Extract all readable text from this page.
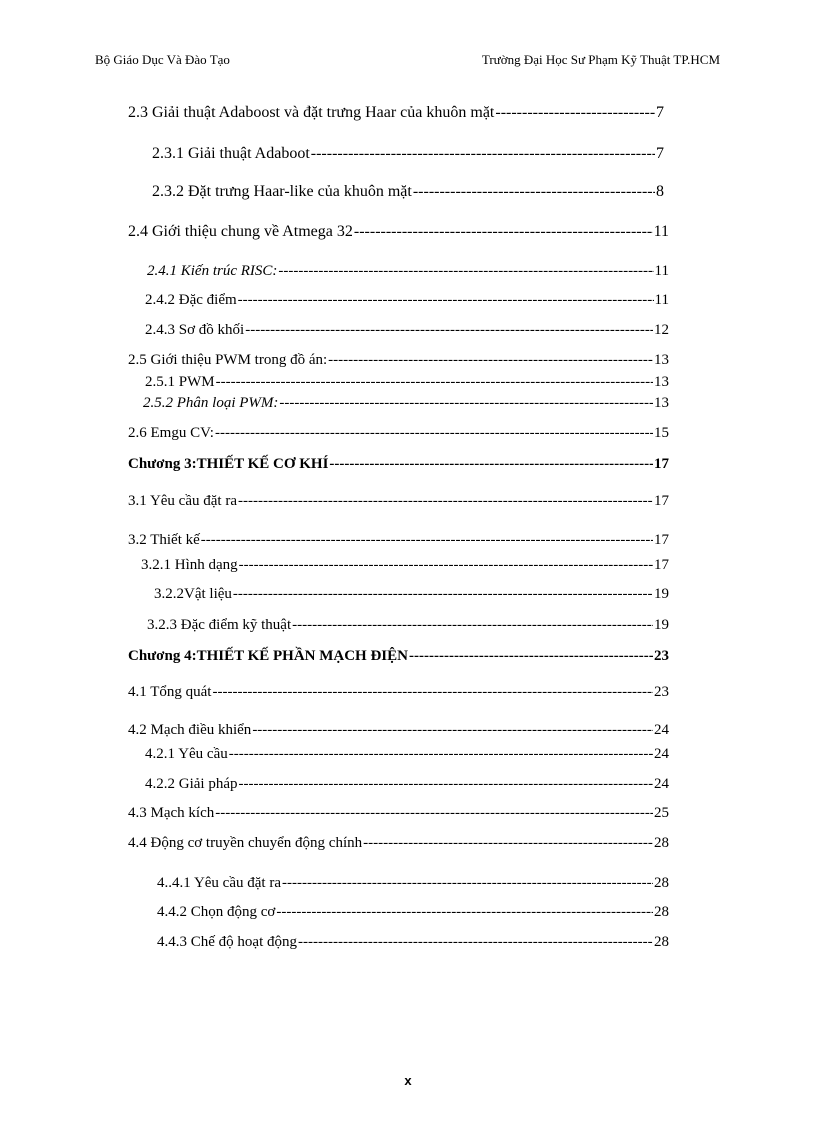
Bộ Giáo Dục Và Đào Tạo	Trường Đại Học Sư Phạm Kỹ Thuật TP.HCM
2.3 Giải thuật Adaboost và đặt trưng Haar của khuôn mặt -----	7
2.3.1 Giải thuật Adaboot -----	7
2.3.2 Đặt trưng Haar-like của khuôn mặt -----	8
2.4 Giới thiệu chung về Atmega 32 -----	11
2.4.1 Kiến trúc RISC: -----	11
2.4.2 Đặc điểm -----	11
2.4.3 Sơ đồ khối -----	12
2.5 Giới thiệu PWM trong đồ án: -----	13
2.5.1 PWM -----	13
2.5.2 Phân loại PWM: -----	13
2.6 Emgu CV: -----	15
Chương 3:THIẾT KẾ CƠ KHÍ -----	17
3.1 Yêu cầu đặt ra -----	17
3.2 Thiết kế -----	17
3.2.1 Hình dạng -----	17
3.2.2Vật liệu -----	19
3.2.3 Đặc điểm kỹ thuật -----	19
Chương 4:THIẾT KẾ PHẦN MẠCH ĐIỆN -----	23
4.1 Tổng quát -----	23
4.2 Mạch điều khiển -----	24
4.2.1 Yêu cầu -----	24
4.2.2 Giải pháp -----	24
4.3 Mạch kích -----	25
4.4 Động cơ truyền chuyển động chính -----	28
4..4.1 Yêu cầu đặt ra -----	28
4.4.2 Chọn động cơ -----	28
4.4.3 Chế độ hoạt động -----	28
x
